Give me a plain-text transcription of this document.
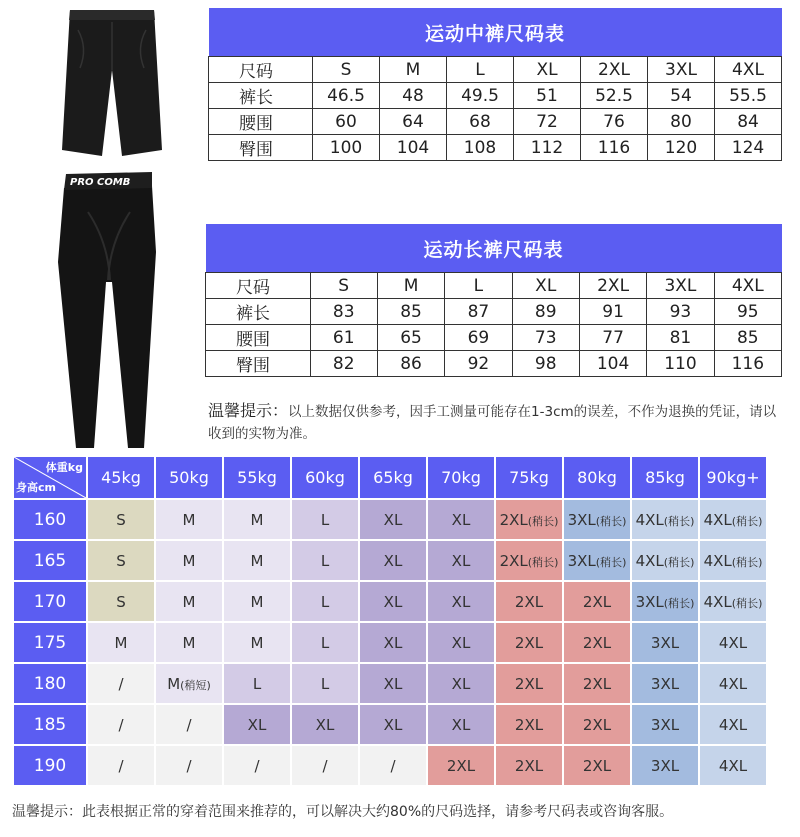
PRO COMB
运动中裤尺码表							
尺码	S	M	L	XL	2XL	3XL	4XL
裤长	46.5	48	49.5	51	52.5	54	55.5
腰围	60	64	68	72	76	80	84
臀围	100	104	108	112	116	120	124
运动长裤尺码表							
尺码	S	M	L	XL	2XL	3XL	4XL
裤长	83	85	87	89	91	93	95
腰围	61	65	69	73	77	81	85
臀围	82	86	92	98	104	110	116
温馨提示：以上数据仅供参考，因手工测量可能存在1-3cm的误差，不作为退换的凭证，请以收到的实物为准。
体重kg
身高cm	45kg	50kg	55kg	60kg	65kg	70kg	75kg	80kg	85kg	90kg+
160	S	M	M	L	XL	XL	2XL(稍长)	3XL(稍长)	4XL(稍长)	4XL(稍长)
165	S	M	M	L	XL	XL	2XL(稍长)	3XL(稍长)	4XL(稍长)	4XL(稍长)
170	S	M	M	L	XL	XL	2XL	2XL	3XL(稍长)	4XL(稍长)
175	M	M	M	L	XL	XL	2XL	2XL	3XL	4XL
180	/	M(稍短)	L	L	XL	XL	2XL	2XL	3XL	4XL
185	/	/	XL	XL	XL	XL	2XL	2XL	3XL	4XL
190	/	/	/	/	/	2XL	2XL	2XL	3XL	4XL
温馨提示：此表根据正常的穿着范围来推荐的，可以解决大约80%的尺码选择，请参考尺码表或咨询客服。
